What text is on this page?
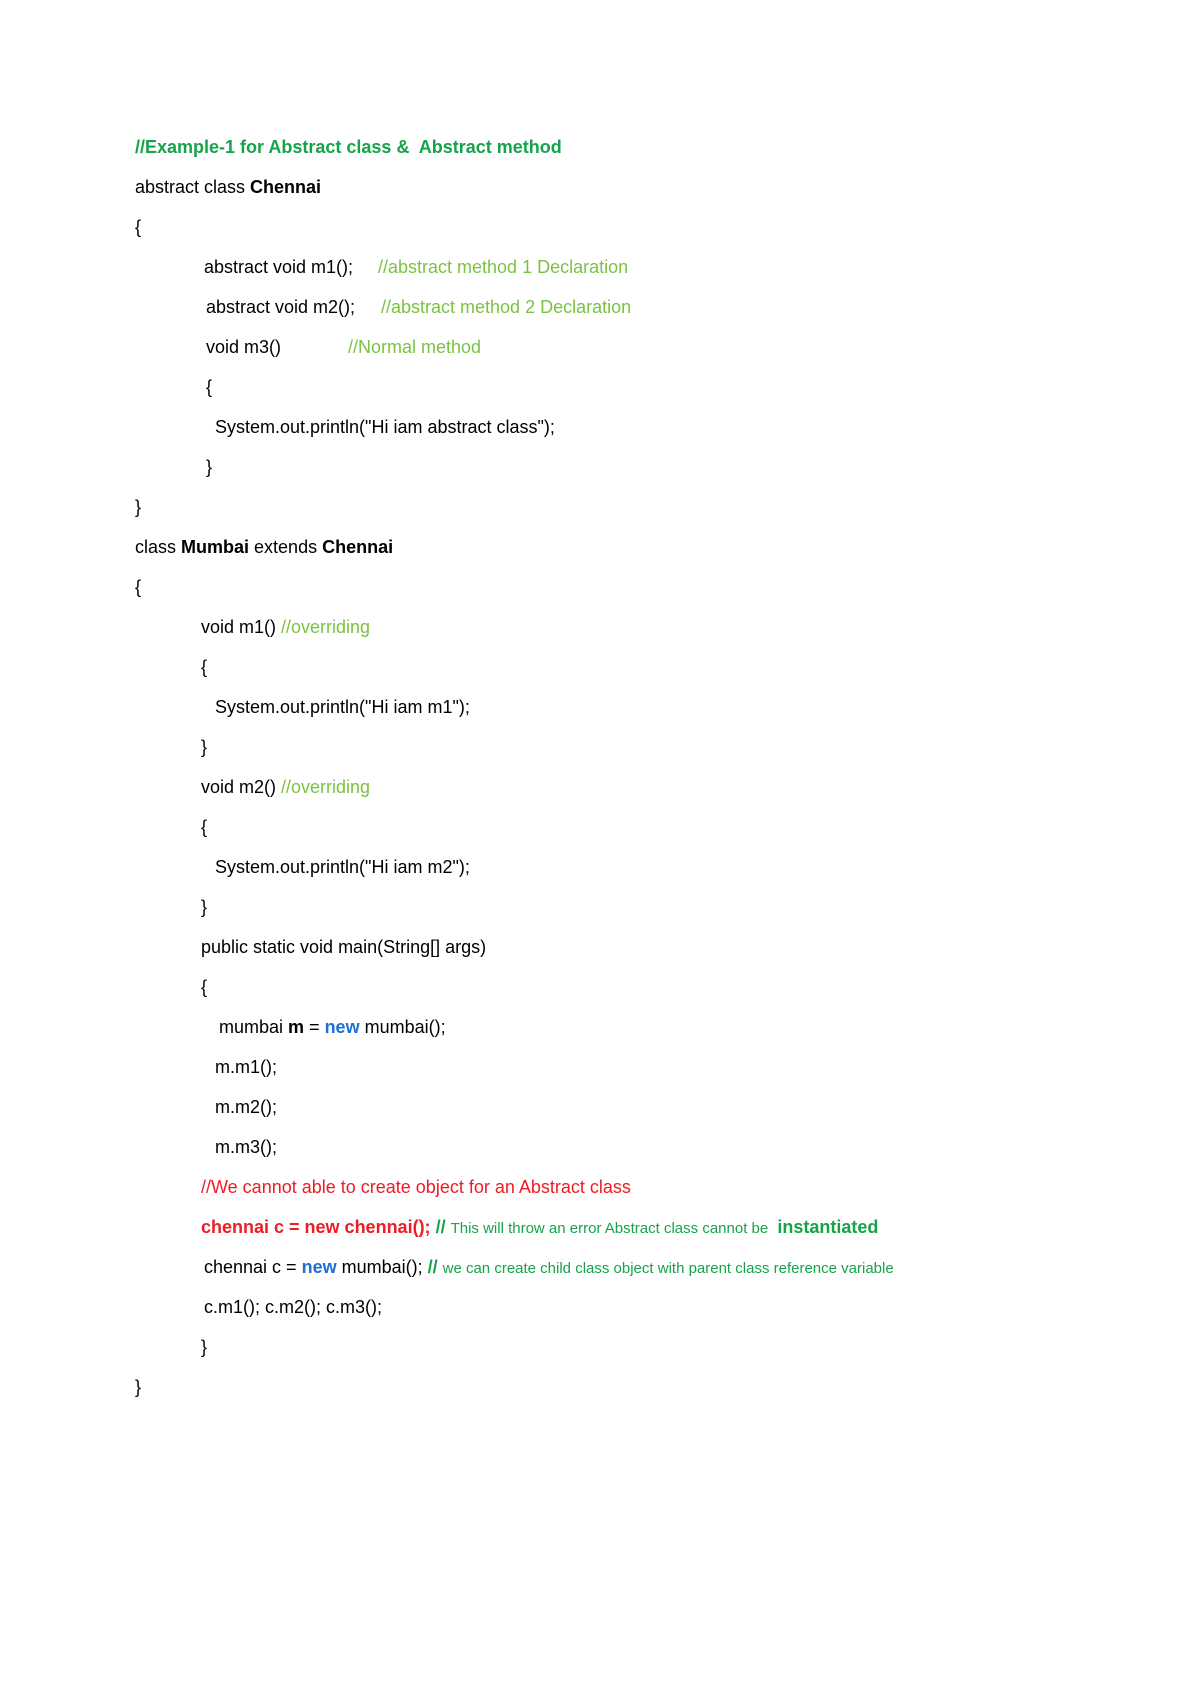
//Example-1 for Abstract class &  Abstract method
abstract class Chennai
{
abstract void m1(); //abstract method 1 Declaration
abstract void m2(); //abstract method 2 Declaration
void m3()	//Normal method
{
System.out.println("Hi iam abstract class");
}
}
class Mumbai extends Chennai
{
void m1() //overriding
{
System.out.println("Hi iam m1");
}
void m2() //overriding
{
System.out.println("Hi iam m2");
}
public static void main(String[] args)
{
mumbai m = new mumbai();
m.m1();
m.m2();
m.m3();
//We cannot able to create object for an Abstract class
chennai c = new chennai(); // This will throw an error Abstract class cannot be  instantiated
chennai c = new mumbai(); // we can create child class object with parent class reference variable
c.m1(); c.m2(); c.m3();
}
}
